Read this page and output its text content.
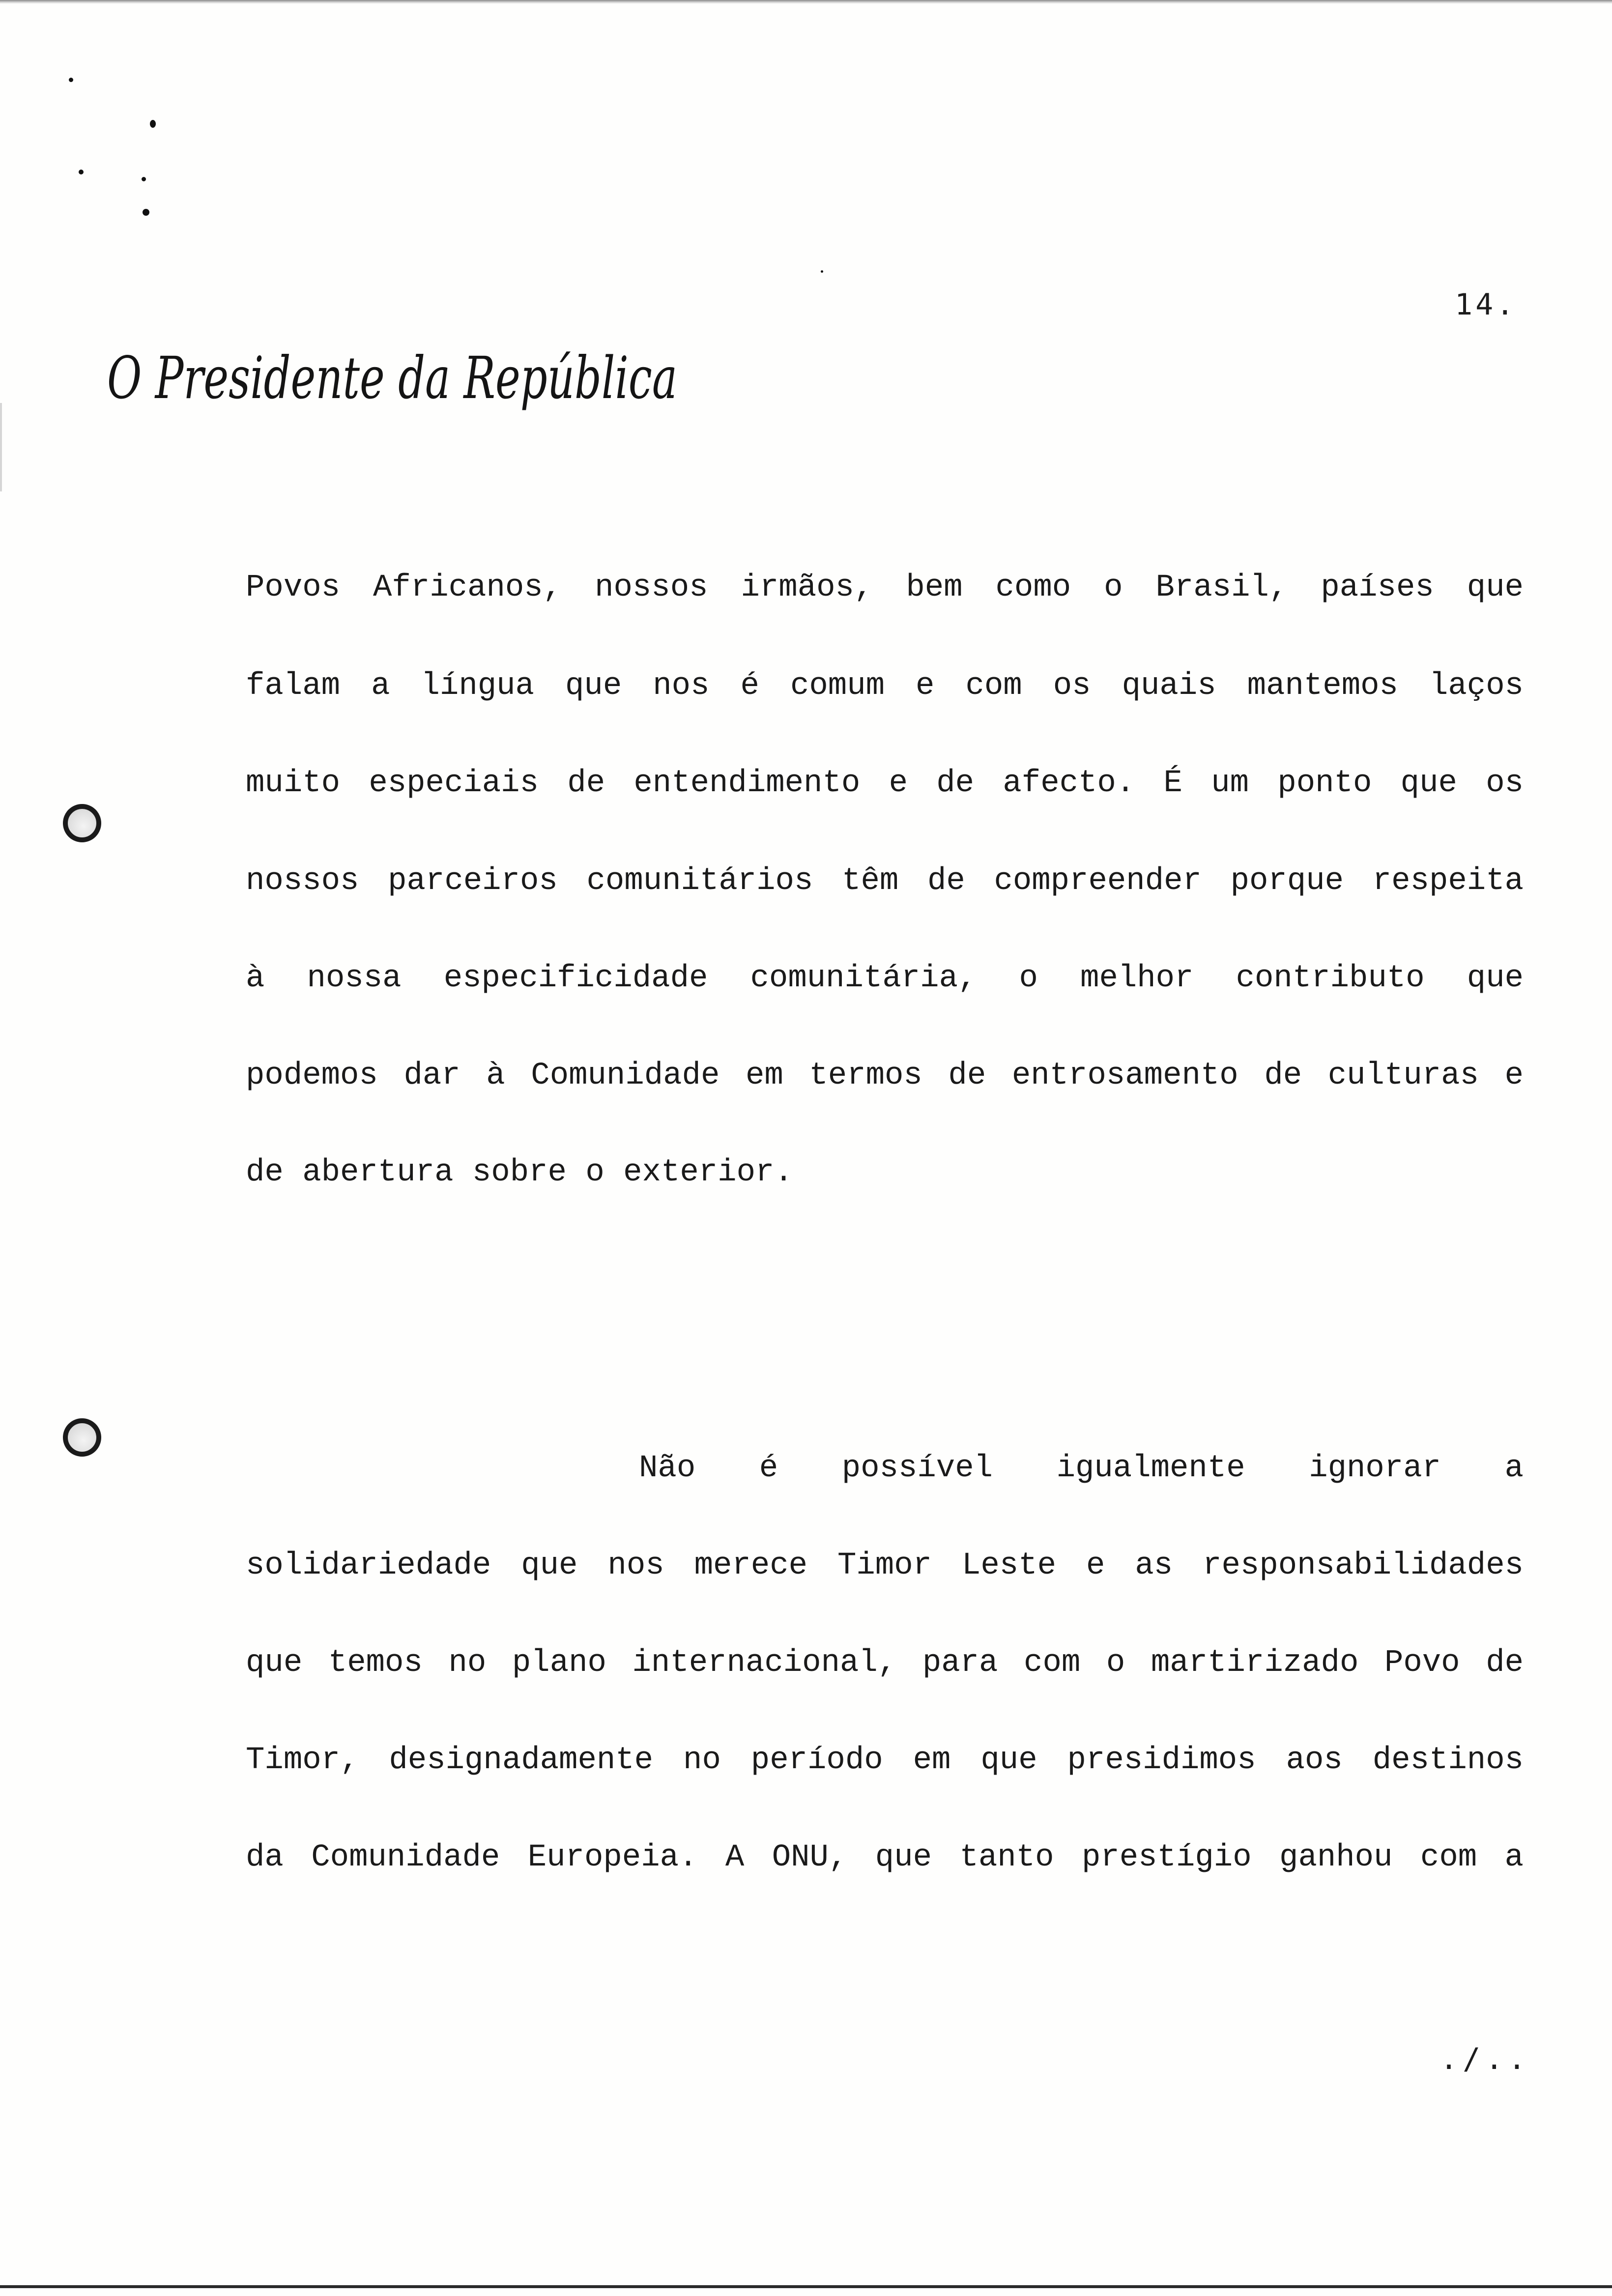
14.
O Presidente da República
Povos Africanos, nossos irmãos, bem como o Brasil, países que
falam a língua que nos é comum e com os quais mantemos laços
muito especiais de entendimento e de afecto. É um ponto que os
nossos parceiros comunitários têm de compreender porque respeita
à nossa especificidade comunitária, o melhor contributo que
podemos dar à Comunidade em termos de entrosamento de culturas e
de abertura sobre o exterior.
Não é possível igualmente ignorar a
solidariedade que nos merece Timor Leste e as responsabilidades
que temos no plano internacional, para com o martirizado Povo de
Timor, designadamente no período em que presidimos aos destinos
da Comunidade Europeia. A ONU, que tanto prestígio ganhou com a
./..
